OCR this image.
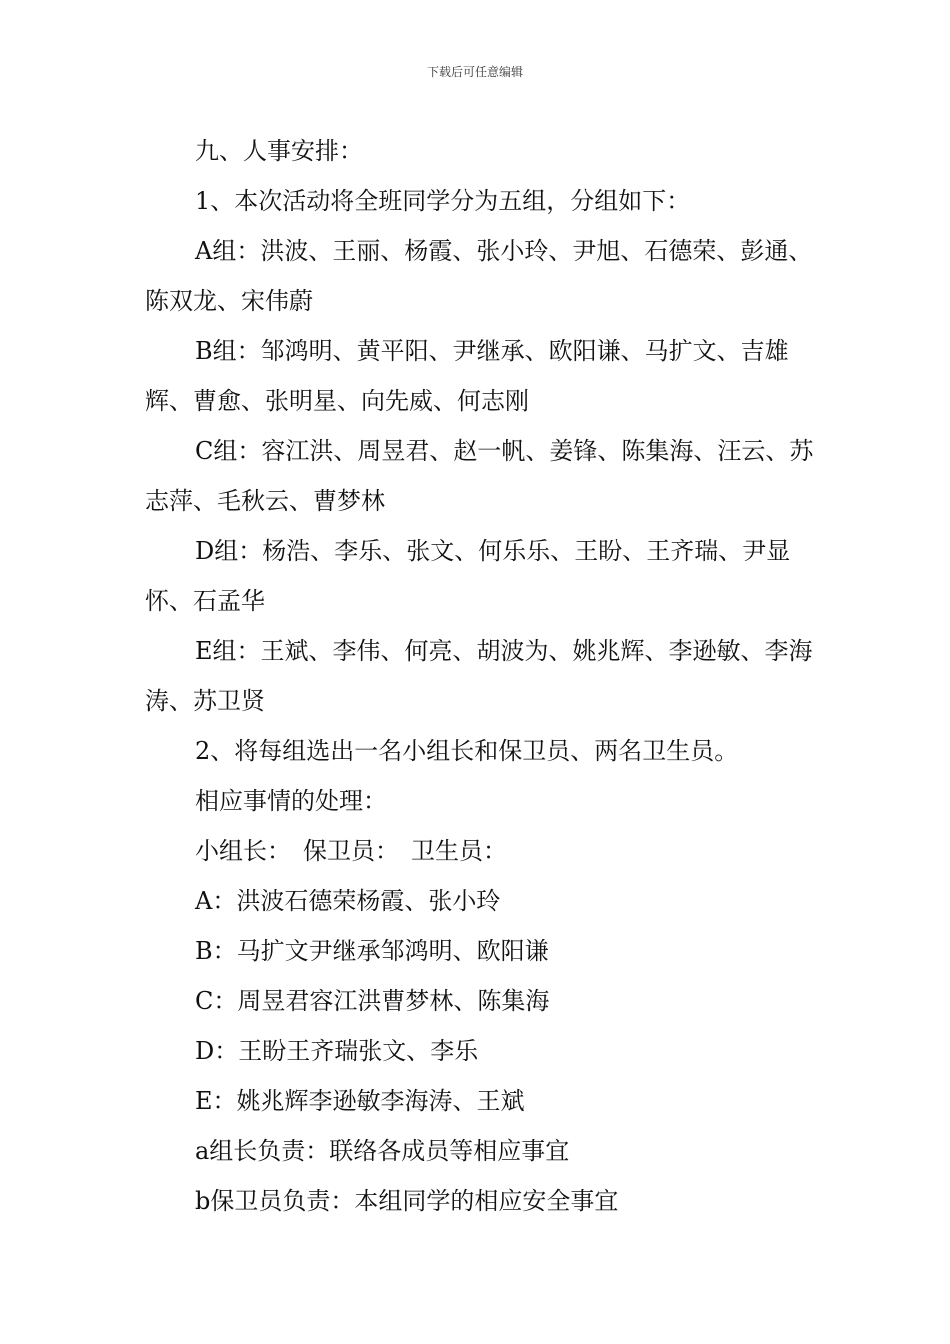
下载后可任意编辑

九、人事安排：

1、本次活动将全班同学分为五组，分组如下：

A组：洪波、王丽、杨霞、张小玲、尹旭、石德荣、彭通、陈双龙、宋伟蔚

B组：邹鸿明、黄平阳、尹继承、欧阳谦、马扩文、吉雄辉、曹愈、张明星、向先威、何志刚

C组：容江洪、周昱君、赵一帆、姜锋、陈集海、汪云、苏志萍、毛秋云、曹梦林

D组：杨浩、李乐、张文、何乐乐、王盼、王齐瑞、尹显怀、石孟华

E组：王斌、李伟、何亮、胡波为、姚兆辉、李逊敏、李海涛、苏卫贤

2、将每组选出一名小组长和保卫员、两名卫生员。

相应事情的处理：

小组长：　保卫员：　卫生员：

A：洪波石德荣杨霞、张小玲

B：马扩文尹继承邹鸿明、欧阳谦

C：周昱君容江洪曹梦林、陈集海

D：王盼王齐瑞张文、李乐

E：姚兆辉李逊敏李海涛、王斌

a组长负责：联络各成员等相应事宜

b保卫员负责：本组同学的相应安全事宜
